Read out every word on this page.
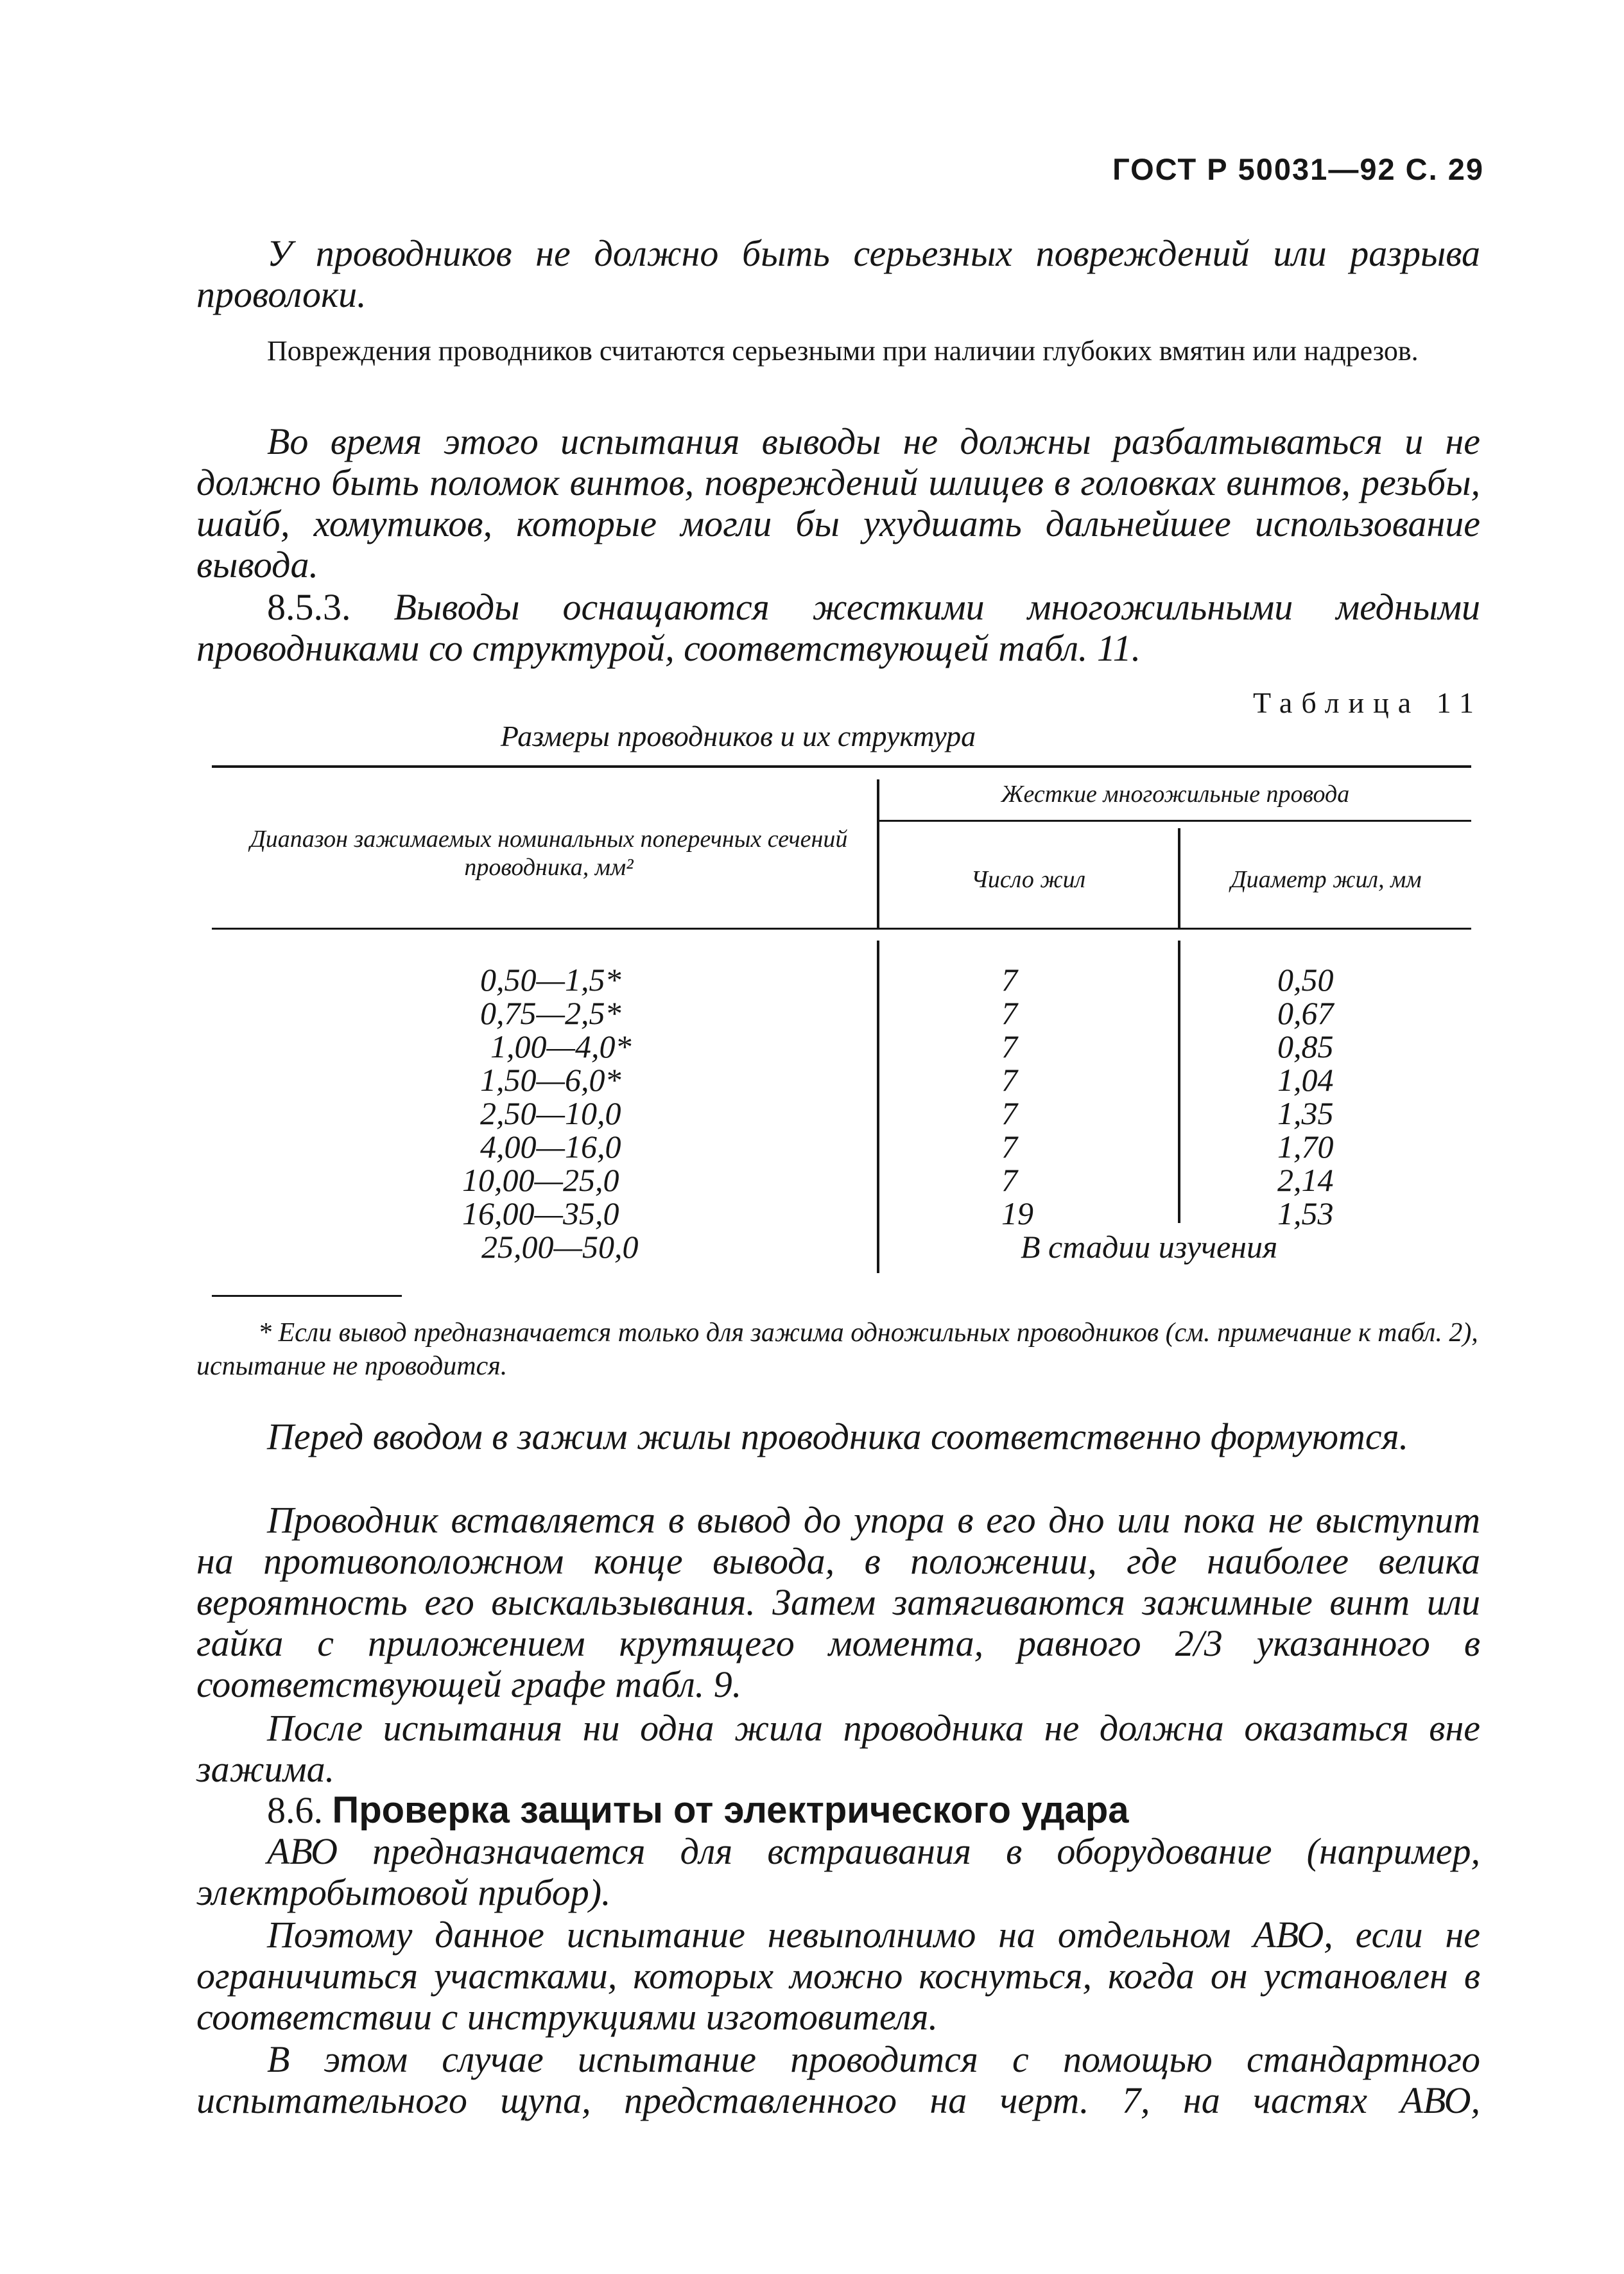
ГОСТ Р 50031—92 С. 29

У проводников не должно быть серьезных повреждений или разрыва проволоки.

Повреждения проводников считаются серьезными при наличии глубоких вмятин или надрезов.

Во время этого испытания выводы не должны разбалтываться и не должно быть поломок винтов, повреждений шлицев в головках винтов, резьбы, шайб, хомутиков, которые могли бы ухудшать дальнейшее использование вывода.

8.5.3. Выводы оснащаются жесткими многожильными медными проводниками со структурой, соответствующей табл. 11.

Таблица 11
Размеры проводников и их структура
Диапазон зажимаемых номинальных поперечных сечений проводника, мм²
Жесткие многожильные провода
Число жил	Диаметр жил, мм
0,50—1,5*
0,75—2,5*
1,00—4,0*
1,50—6,0*
2,50—10,0
4,00—16,0
10,00—25,0
16,00—35,0
25,00—50,0
7
7
7
7
7
7
7
19
0,50
0,67
0,85
1,04
1,35
1,70
2,14
1,53
В стадии изучения

* Если вывод предназначается только для зажима одножильных проводников (см. примечание к табл. 2), испытание не проводится.

Перед вводом в зажим жилы проводника соответственно формуются.

Проводник вставляется в вывод до упора в его дно или пока не выступит на противоположном конце вывода, в положении, где наиболее велика вероятность его выскальзывания. Затем затягиваются зажимные винт или гайка с приложением крутящего момента, равного 2/3 указанного в соответствующей графе табл. 9.

После испытания ни одна жила проводника не должна оказаться вне зажима.

8.6. Проверка защиты от электрического удара

АВО предназначается для встраивания в оборудование (например, электробытовой прибор).

Поэтому данное испытание невыполнимо на отдельном АВО, если не ограничиться участками, которых можно коснуться, когда он установлен в соответствии с инструкциями изготовителя.

В этом случае испытание проводится с помощью стандартного испытательного щупа, представленного на черт. 7, на частях АВО,
